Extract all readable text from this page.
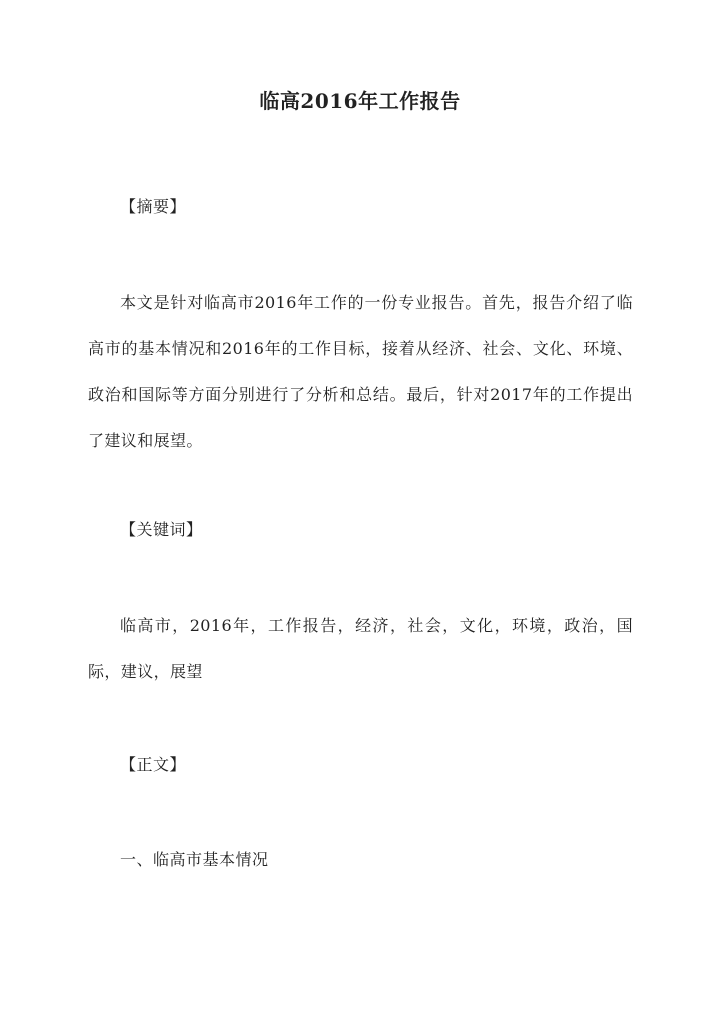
临高2016年工作报告
【摘要】
本文是针对临高市2016年工作的一份专业报告。首先，报告介绍了临高市的基本情况和2016年的工作目标，接着从经济、社会、文化、环境、政治和国际等方面分别进行了分析和总结。最后，针对2017年的工作提出了建议和展望。
【关键词】
临高市，2016年，工作报告，经济，社会，文化，环境，政治，国际，建议，展望
【正文】
一、临高市基本情况
